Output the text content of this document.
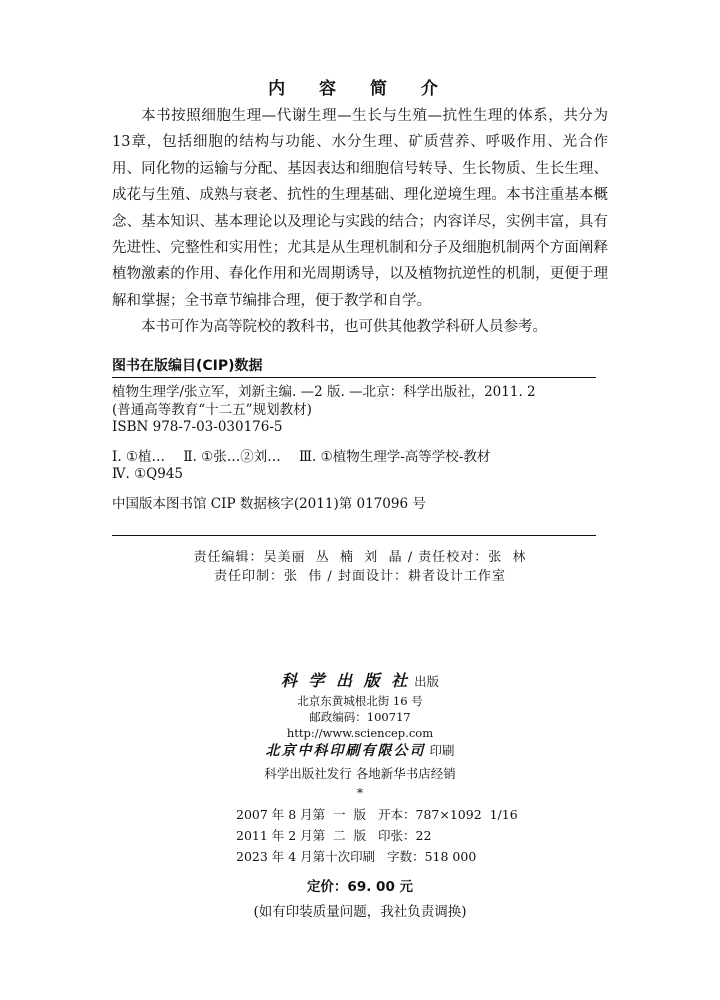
内 容 简 介

本书按照细胞生理—代谢生理—生长与生殖—抗性生理的体系，共分为13章，包括细胞的结构与功能、水分生理、矿质营养、呼吸作用、光合作用、同化物的运输与分配、基因表达和细胞信号转导、生长物质、生长生理、成花与生殖、成熟与衰老、抗性的生理基础、理化逆境生理。本书注重基本概念、基本知识、基本理论以及理论与实践的结合；内容详尽，实例丰富，具有先进性、完整性和实用性；尤其是从生理机制和分子及细胞机制两个方面阐释植物激素的作用、春化作用和光周期诱导，以及植物抗逆性的机制，更便于理解和掌握；全书章节编排合理，便于教学和自学。

本书可作为高等院校的教科书，也可供其他教学科研人员参考。

图书在版编目(CIP)数据
植物生理学/张立军，刘新主编. —2 版. —北京：科学出版社，2011. 2
(普通高等教育“十二五”规划教材)
ISBN 978-7-03-030176-5
Ⅰ. ①植… Ⅱ. ①张…②刘… Ⅲ. ①植物生理学-高等学校-教材
Ⅳ. ①Q945
中国版本图书馆 CIP 数据核字(2011)第 017096 号
责任编辑：吴美丽  丛  楠  刘  晶 / 责任校对：张  林
责任印制：张  伟 / 封面设计：耕者设计工作室
科 学 出 版 社 出版
北京东黄城根北街 16 号
邮政编码：100717
http://www.sciencep.com
北京中科印刷有限公司 印刷
科学出版社发行 各地新华书店经销
*
2007 年 8 月第  一  版   开本：787×1092  1/16
2011 年 2 月第  二  版   印张：22
2023 年 4 月第十次印刷   字数：518 000
定价：69. 00 元
(如有印装质量问题，我社负责调换)
